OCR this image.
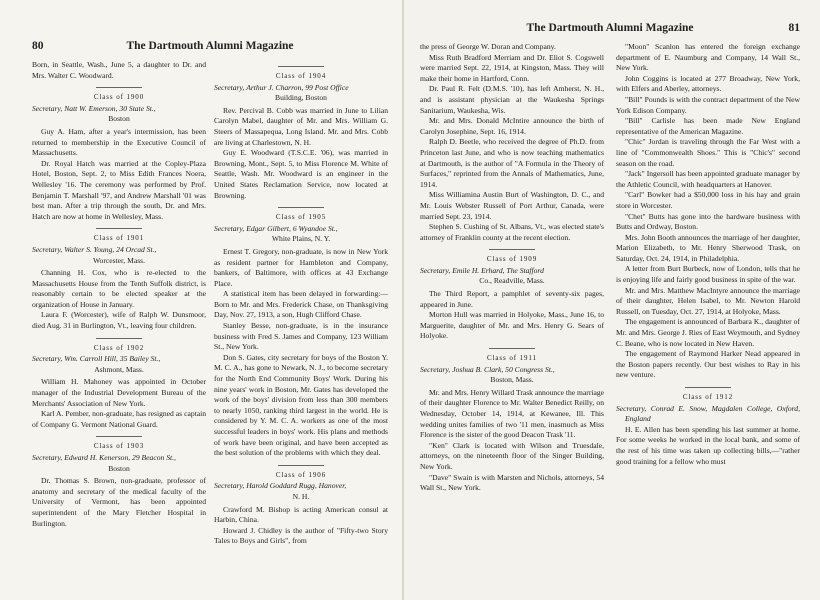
80	The Dartmouth Alumni Magazine

Born, in Seattle, Wash., June 5, a daughter to Dr. and Mrs. Walter C. Woodward.

Class of 1900
Secretary, Natt W. Emerson, 30 State St.,
Boston

Guy A. Ham, after a year's intermission, has been returned to membership in the Executive Council of Massachusetts.

Dr. Royal Hatch was married at the Copley-Plaza Hotel, Boston, Sept. 2, to Miss Edith Frances Noera, Wellesley '16. The ceremony was performed by Prof. Benjamin T. Marshall '97, and Andrew Marshall '01 was best man. After a trip through the south, Dr. and Mrs. Hatch are now at home in Wellesley, Mass.

Class of 1901
Secretary, Walter S. Young, 24 Orcad St.,
Worcester, Mass.

Channing H. Cox, who is re-elected to the Massachusetts House from the Tenth Suffolk district, is reasonably certain to be elected speaker at the organization of House in January.

Laura F. (Worcester), wife of Ralph W. Dunsmoor, died Aug. 31 in Burlington, Vt., leaving four children.

Class of 1902
Secretary, Wm. Carroll Hill, 35 Bailey St.,
Ashmont, Mass.

William H. Mahoney was appointed in October manager of the Industrial Development Bureau of the Merchants' Association of New York.

Karl A. Pember, non-graduate, has resigned as captain of Company G. Vermont National Guard.

Class of 1903
Secretary, Edward H. Kenerson, 29 Beacon St.,
Boston

Dr. Thomas S. Brown, non-graduate, professor of anatomy and secretary of the medical faculty of the University of Vermont, has been appointed superintendent of the Mary Fletcher Hospital in Burlington.

Class of 1904
Secretary, Arthur J. Charron, 99 Post Office
Building, Boston

Rev. Percival B. Cobb was married in June to Lilian Carolyn Mabel, daughter of Mr. and Mrs. William G. Steers of Massapequa, Long Island. Mr. and Mrs. Cobb are living at Charlestown, N. H.

Guy E. Woodward (T.S.C.E. '06), was married in Browning, Mont., Sept. 5, to Miss Florence M. White of Seattle, Wash. Mr. Woodward is an engineer in the United States Reclamation Service, now located at Browning.

Class of 1905
Secretary, Edgar Gilbert, 6 Wyandoe St.,
White Plains, N. Y.

Ernest T. Gregory, non-graduate, is now in New York as resident partner for Hambleton and Company, bankers, of Baltimore, with offices at 43 Exchange Place.

A statistical item has been delayed in forwarding:—Born to Mr. and Mrs. Frederick Chase, on Thanksgiving Day, Nov. 27, 1913, a son, Hugh Clifford Chase.

Stanley Besse, non-graduate, is in the insurance business with Fred S. James and Company, 123 William St., New York.

Don S. Gates, city secretary for boys of the Boston Y. M. C. A., has gone to Newark, N. J., to become secretary for the North End Community Boys' Work. During his nine years' work in Boston, Mr. Gates has developed the work of the boys' division from less than 300 members to nearly 1050, ranking third largest in the world. He is considered by Y. M. C. A. workers as one of the most successful leaders in boys' work. His plans and methods of work have been original, and have been accepted as the best solution of the problems with which they deal.

Class of 1906
Secretary, Harold Goddard Rugg, Hanover,
N. H.

Crawford M. Bishop is acting American consul at Harbin, China.

Howard J. Chidley is the author of "Fifty-two Story Tales to Boys and Girls", from

The Dartmouth Alumni Magazine	81

the press of George W. Doran and Company.

Miss Ruth Bradford Merriam and Dr. Eliot S. Cogswell were married Sept. 22, 1914, at Kingston, Mass. They will make their home in Hartford, Conn.

Dr. Paul R. Felt (D.M.S. '10), has left Amherst, N. H., and is assistant physician at the Waukesha Springs Sanitarium, Waukesha, Wis.

Mr. and Mrs. Donald McIntire announce the birth of Carolyn Josephine, Sept. 16, 1914.

Ralph D. Beetle, who received the degree of Ph.D. from Princeton last June, and who is now teaching mathematics at Dartmouth, is the author of "A Formula in the Theory of Surfaces," reprinted from the Annals of Mathematics, June, 1914.

Miss Williamina Austin Burt of Washington, D. C., and Mr. Louis Webster Russell of Port Arthur, Canada, were married Sept. 23, 1914.

Stephen S. Cushing of St. Albans, Vt., was elected state's attorney of Franklin county at the recent election.

Class of 1909
Secretary, Emile H. Erhard, The Stafford
Co., Readville, Mass.

The Third Report, a pamphlet of seventy-six pages, appeared in June.

Morton Hull was married in Holyoke, Mass., June 16, to Marguerite, daughter of Mr. and Mrs. Henry G. Sears of Holyoke.

Class of 1911
Secretary, Joshua B. Clark, 50 Congress St.,
Boston, Mass.

Mr. and Mrs. Henry Willard Trask announce the marriage of their daughter Florence to Mr. Walter Benedict Reilly, on Wednesday, October 14, 1914, at Kewanee, Ill. This wedding unites families of two '11 men, inasmuch as Miss Florence is the sister of the good Deacon Trask '11.

"Ken" Clark is located with Wilson and Truesdale, attorneys, on the nineteenth floor of the Singer Building, New York.

"Dave" Swain is with Marsten and Nichols, attorneys, 54 Wall St., New York.

"Moon" Scanlon has entered the foreign exchange department of E. Naumburg and Company, 14 Wall St., New York.

John Coggins is located at 277 Broadway, New York, with Elfers and Aberley, attorneys.

"Bill" Pounds is with the contract department of the New York Edison Company.

"Bill" Carlisle has been made New England representative of the American Magazine.

"Chic" Jordan is traveling through the Far West with a line of "Commonwealth Shoes." This is "Chic's" second season on the road.

"Jack" Ingersoll has been appointed graduate manager by the Athletic Council, with headquarters at Hanover.

"Carl" Bowker had a $50,000 loss in his hay and grain store in Worcester.

"Chet" Butts has gone into the hardware business with Butts and Ordway, Boston.

Mrs. John Booth announces the marriage of her daughter, Marion Elizabeth, to Mr. Henry Sherwood Trask, on Saturday, Oct. 24, 1914, in Philadelphia.

A letter from Burt Burbeck, now of London, tells that he is enjoying life and fairly good business in spite of the war.

Mr. and Mrs. Matthew MacIntyre announce the marriage of their daughter, Helen Isabel, to Mr. Newton Harold Russell, on Tuesday, Oct. 27, 1914, at Holyoke, Mass.

The engagement is announced of Barbara K., daughter of Mr. and Mrs. George J. Ries of East Weymouth, and Sydney C. Beane, who is now located in New Haven.

The engagement of Raymond Harker Nead appeared in the Boston papers recently. Our best wishes to Ray in his new venture.

Class of 1912
Secretary, Conrad E. Snow, Magdalen College, Oxford, England

H. E. Allen has been spending his last summer at home. For some weeks he worked in the local bank, and some of the rest of his time was taken up collecting bills,—"rather good training for a fellow who must
